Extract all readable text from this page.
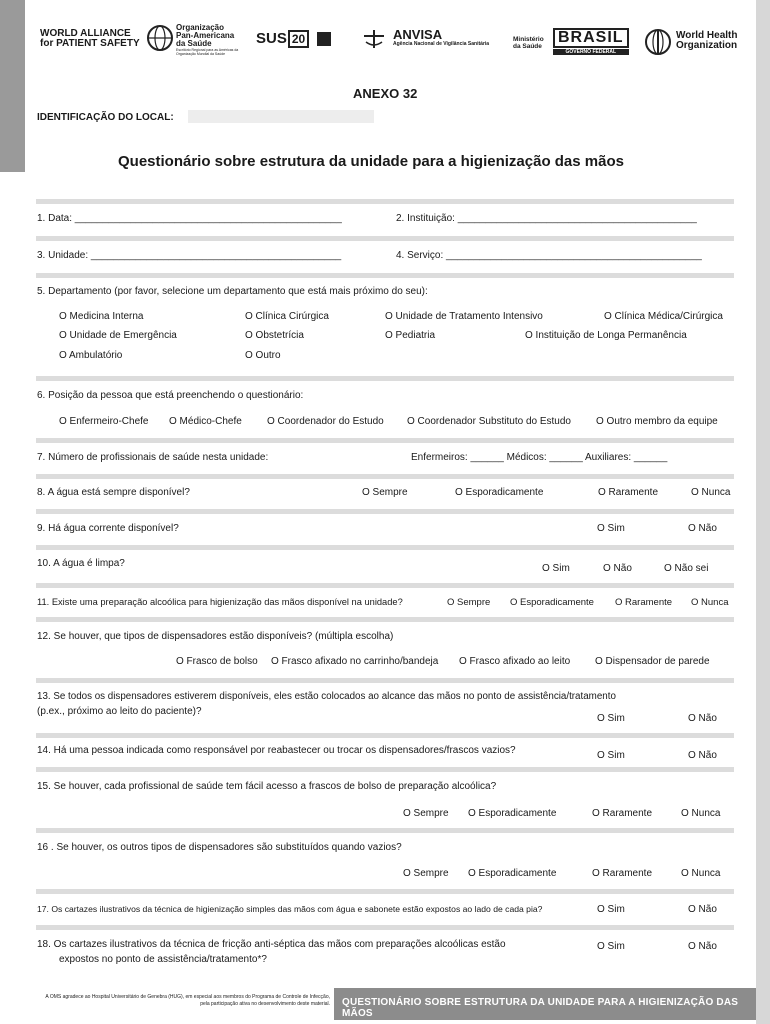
WORLD ALLIANCE
for PATIENT SAFETY
Organização
Pan-Americana
da Saúde
Escritório Regional para as Américas da Organização Mundial da Saúde
SUS 20	ANVISA
Agência Nacional de Vigilância Sanitária
Ministério
da Saúde
BRASIL
GOVERNO FEDERAL
World Health
Organization
ANEXO 32
IDENTIFICAÇÃO DO LOCAL:
Questionário sobre estrutura da unidade para a higienização das mãos
1. Data: ________________________________________________	2. Instituição: ___________________________________________
3. Unidade: _____________________________________________	4. Serviço: ______________________________________________
5. Departamento (por favor, selecione um departamento que está mais próximo do seu):
O Medicina Interna	O Clínica Cirúrgica	O Unidade de Tratamento Intensivo	O Clínica Médica/Cirúrgica
O Unidade de Emergência	O Obstetrícia	O Pediatria	O Instituição de Longa Permanência
O Ambulatório	O Outro
6. Posição da pessoa que está preenchendo o questionário:
O Enfermeiro-Chefe O Médico-Chefe	O Coordenador do Estudo O Coordenador Substituto do Estudo	O Outro membro da equipe
7. Número de profissionais de saúde nesta unidade:	Enfermeiros: ______ Médicos: ______ Auxiliares: ______
8. A água está sempre disponível?	O Sempre	O Esporadicamente	O Raramente	O Nunca
9. Há água corrente disponível?	O Sim	O Não
10. A água é limpa?	O Sim	O Não	O Não sei
11. Existe uma preparação alcoólica para higienização das mãos disponível na unidade?	O Sempre O Esporadicamente O Raramente O Nunca
12. Se houver, que tipos de dispensadores estão disponíveis? (múltipla escolha)
O Frasco de bolso O Frasco afixado no carrinho/bandeja O Frasco afixado ao leito O Dispensador de parede
13. Se todos os dispensadores estiverem disponíveis, eles estão colocados ao alcance das mãos no ponto de assistência/tratamento
(p.ex., próximo ao leito do paciente)?
O Sim	O Não
14. Há uma pessoa indicada como responsável por reabastecer ou trocar os dispensadores/frascos vazios?	O Sim	O Não
15. Se houver, cada profissional de saúde tem fácil acesso a frascos de bolso de preparação alcoólica?
O Sempre O Esporadicamente	O Raramente	O Nunca
16 . Se houver, os outros tipos de dispensadores são substituídos quando vazios?
O Sempre O Esporadicamente	O Raramente	O Nunca
17. Os cartazes ilustrativos da técnica de higienização simples das mãos com água e sabonete estão expostos ao lado de cada pia?	O Sim	O Não
18. Os cartazes ilustrativos da técnica de fricção anti-séptica das mãos com preparações alcoólicas estão
expostos no ponto de assistência/tratamento*?
O Sim	O Não
A OMS agradece ao Hospital Universitário de Genebra (HUG), em especial aos membros do Programa de Controle de Infecção, pela participação ativa no desenvolvimento deste material. QUESTIONÁRIO SOBRE ESTRUTURA DA UNIDADE PARA A HIGIENIZAÇÃO DAS MÃOS
